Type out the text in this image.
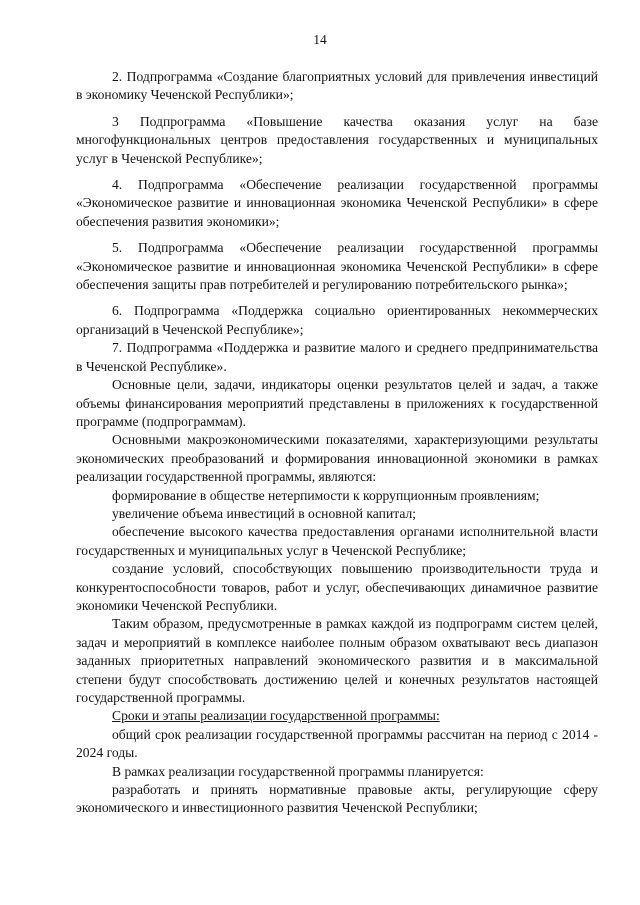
14

2. Подпрограмма «Создание благоприятных условий для привлечения инвестиций в экономику Чеченской Республики»;

3 Подпрограмма «Повышение качества оказания услуг на базе многофункциональных центров предоставления государственных и муниципальных услуг в Чеченской Республике»;

4. Подпрограмма «Обеспечение реализации государственной программы «Экономическое развитие и инновационная экономика Чеченской Республики» в сфере обеспечения развития экономики»;

5. Подпрограмма «Обеспечение реализации государственной программы «Экономическое развитие и инновационная экономика Чеченской Республики» в сфере обеспечения защиты прав потребителей и регулированию потребительского рынка»;

6. Подпрограмма «Поддержка социально ориентированных некоммерческих организаций в Чеченской Республике»;

7. Подпрограмма «Поддержка и развитие малого и среднего предпринимательства в Чеченской Республике».

Основные цели, задачи, индикаторы оценки результатов целей и задач, а также объемы финансирования мероприятий представлены в приложениях к государственной программе (подпрограммам).

Основными макроэкономическими показателями, характеризующими результаты экономических преобразований и формирования инновационной экономики в рамках реализации государственной программы, являются:

формирование в обществе нетерпимости к коррупционным проявлениям;

увеличение объема инвестиций в основной капитал;

обеспечение высокого качества предоставления органами исполнительной власти государственных и муниципальных услуг в Чеченской Республике;

создание условий, способствующих повышению производительности труда и конкурентоспособности товаров, работ и услуг, обеспечивающих динамичное развитие экономики Чеченской Республики.

Таким образом, предусмотренные в рамках каждой из подпрограмм систем целей, задач и мероприятий в комплексе наиболее полным образом охватывают весь диапазон заданных приоритетных направлений экономического развития и в максимальной степени будут способствовать достижению целей и конечных результатов настоящей государственной программы.

Сроки и этапы реализации государственной программы:

общий срок реализации государственной программы рассчитан на период с 2014 - 2024 годы.

В рамках реализации государственной программы планируется:

разработать и принять нормативные правовые акты, регулирующие сферу экономического и инвестиционного развития Чеченской Республики;
